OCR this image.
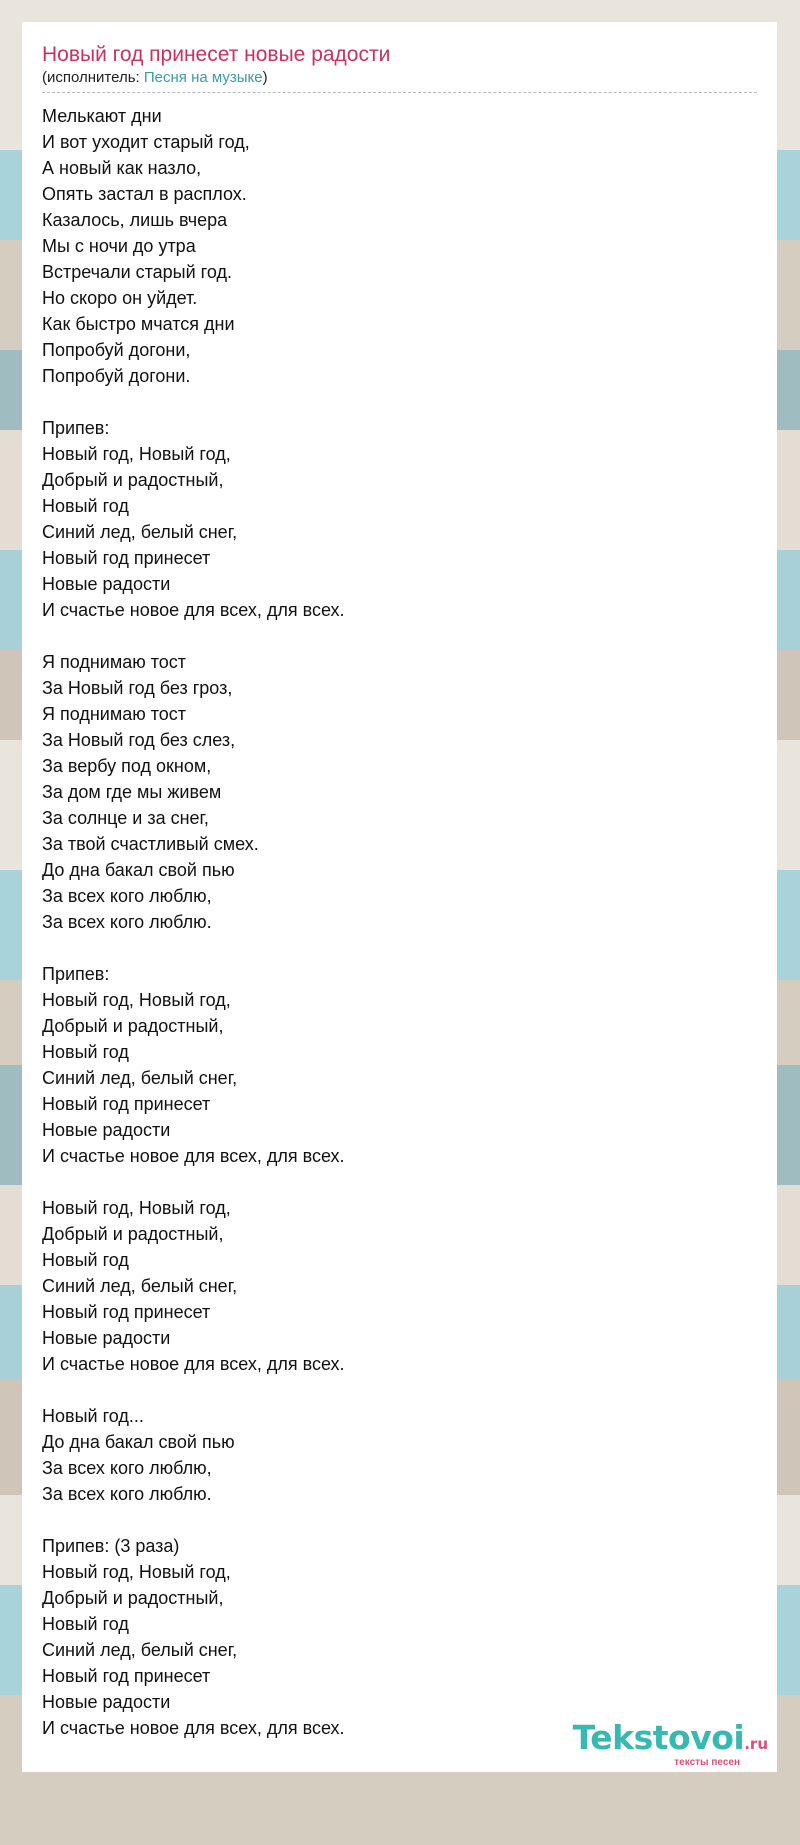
Новый год принесет новые радости
(исполнитель: Песня на музыке)
Мелькают дни
И вот уходит старый год,
А новый как назло,
Опять застал в расплох.
Казалось, лишь вчера
Мы с ночи до утра
Встречали старый год.
Но скоро он уйдет.
Как быстро мчатся дни
Попробуй догони,
Попробуй догони.
Припев:
Новый год, Новый год,
Добрый и радостный,
Новый год
Синий лед, белый снег,
Новый год принесет
Новые радости
И счастье новое для всех, для всех.
Я поднимаю тост
За Новый год без гроз,
Я поднимаю тост
За Новый год без слез,
За вербу под окном,
За дом где мы живем
За солнце и за снег,
За твой счастливый смех.
До дна бакал свой пью
За всех кого люблю,
За всех кого люблю.
Припев:
Новый год, Новый год,
Добрый и радостный,
Новый год
Синий лед, белый снег,
Новый год принесет
Новые радости
И счастье новое для всех, для всех.
Новый год, Новый год,
Добрый и радостный,
Новый год
Синий лед, белый снег,
Новый год принесет
Новые радости
И счастье новое для всех, для всех.
Новый год...
До дна бакал свой пью
За всех кого люблю,
За всех кого люблю.
Припев: (3 раза)
Новый год, Новый год,
Добрый и радостный,
Новый год
Синий лед, белый снег,
Новый год принесет
Новые радости
И счастье новое для всех, для всех.	Tekstovoi.ru
тексты песен
